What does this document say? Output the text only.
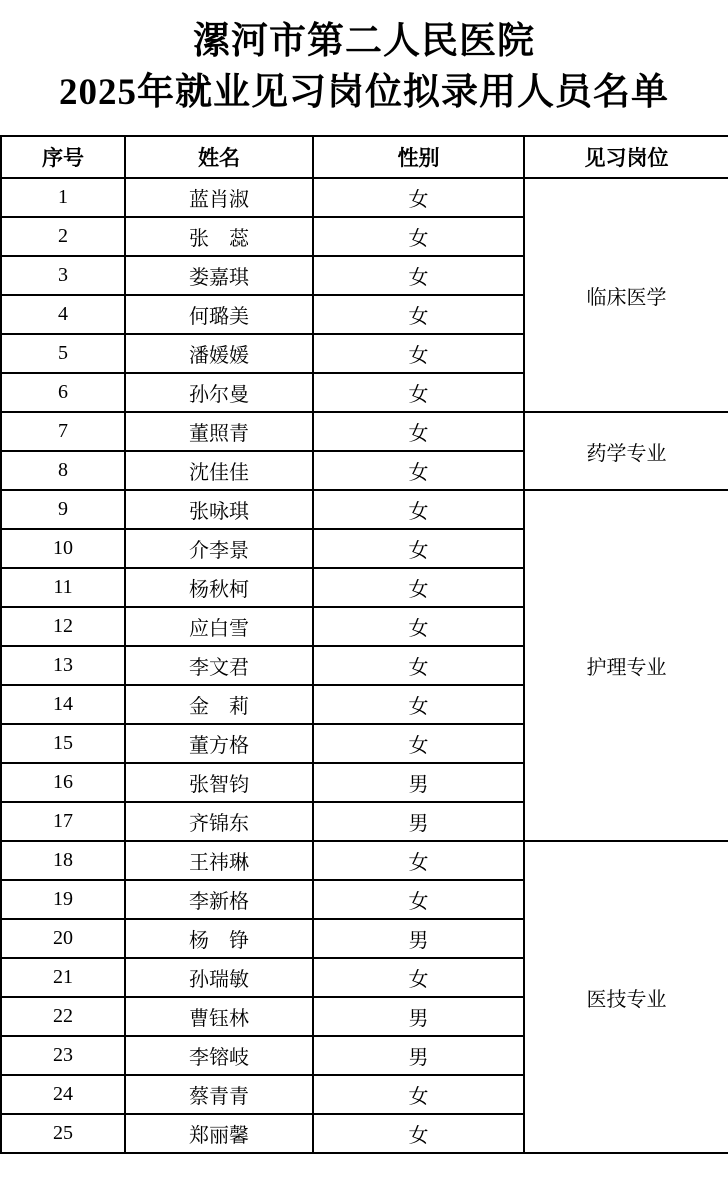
漯河市第二人民医院
2025年就业见习岗位拟录用人员名单
序号	姓名	性别	见习岗位
1	蓝肖淑	女	临床医学
2	张　蕊	女	
3	娄嘉琪	女	
4	何璐美	女	
5	潘媛媛	女	
6	孙尔曼	女	
7	董照青	女	药学专业
8	沈佳佳	女	
9	张咏琪	女	护理专业
10	介李景	女	
11	杨秋柯	女	
12	应白雪	女	
13	李文君	女	
14	金　莉	女	
15	董方格	女	
16	张智钧	男	
17	齐锦东	男	
18	王祎琳	女	医技专业
19	李新格	女	
20	杨　铮	男	
21	孙瑞敏	女	
22	曹钰林	男	
23	李镕岐	男	
24	蔡青青	女	
25	郑丽馨	女	
